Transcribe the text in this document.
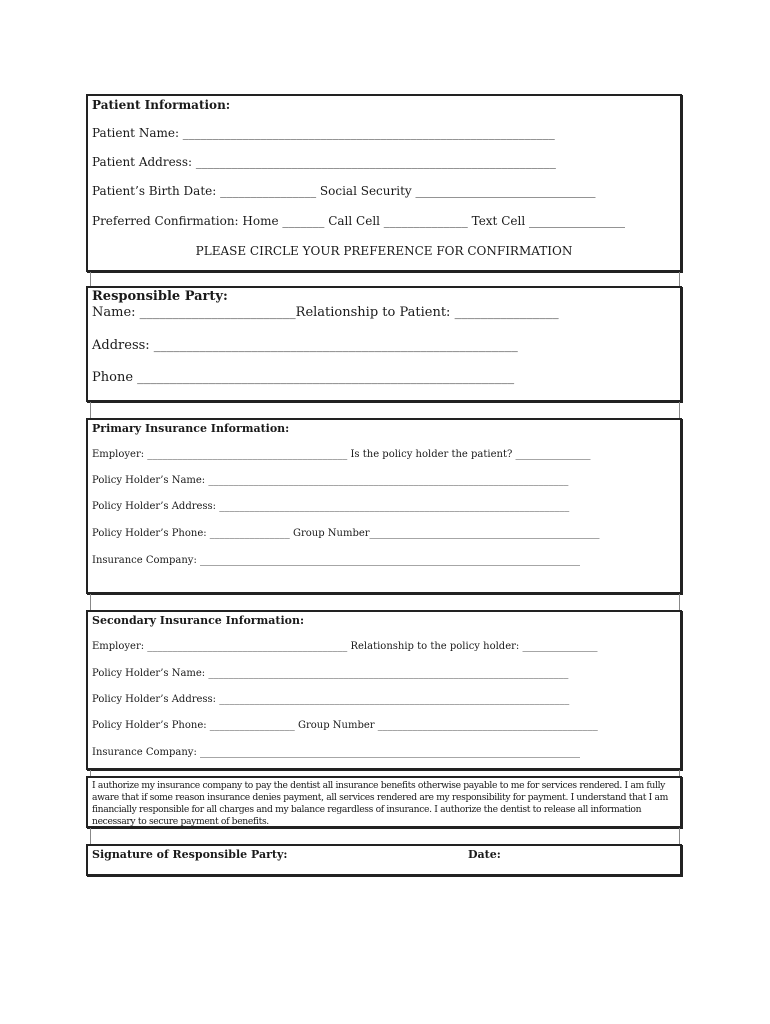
Patient Information:
Patient Name: ______________________________________________________________
Patient Address: ____________________________________________________________
Patient’s Birth Date: ________________ Social Security ______________________________
Preferred Confirmation: Home _______ Call Cell ______________ Text Cell ________________
PLEASE CIRCLE YOUR PREFERENCE FOR CONFIRMATION
Responsible Party:
Name: ________________________Relationship to Patient: ________________
Address: ________________________________________________________
Phone __________________________________________________________
Primary Insurance Information:
Employer: ________________________________________ Is the policy holder the patient? _______________
Policy Holder’s Name: ________________________________________________________________________
Policy Holder’s Address: ______________________________________________________________________
Policy Holder’s Phone: ________________ Group Number______________________________________________
Insurance Company: ____________________________________________________________________________
Secondary Insurance Information:
Employer: ________________________________________ Relationship to the policy holder: _______________
Policy Holder’s Name: ________________________________________________________________________
Policy Holder’s Address: ______________________________________________________________________
Policy Holder’s Phone: _________________ Group Number ____________________________________________
Insurance Company: ____________________________________________________________________________
I authorize my insurance company to pay the dentist all insurance benefits otherwise payable to me for services rendered. I am fully
aware that if some reason insurance denies payment, all services rendered are my responsibility for payment. I understand that I am
financially responsible for all charges and my balance regardless of insurance. I authorize the dentist to release all information
necessary to secure payment of benefits.
Signature of Responsible Party:	Date:
